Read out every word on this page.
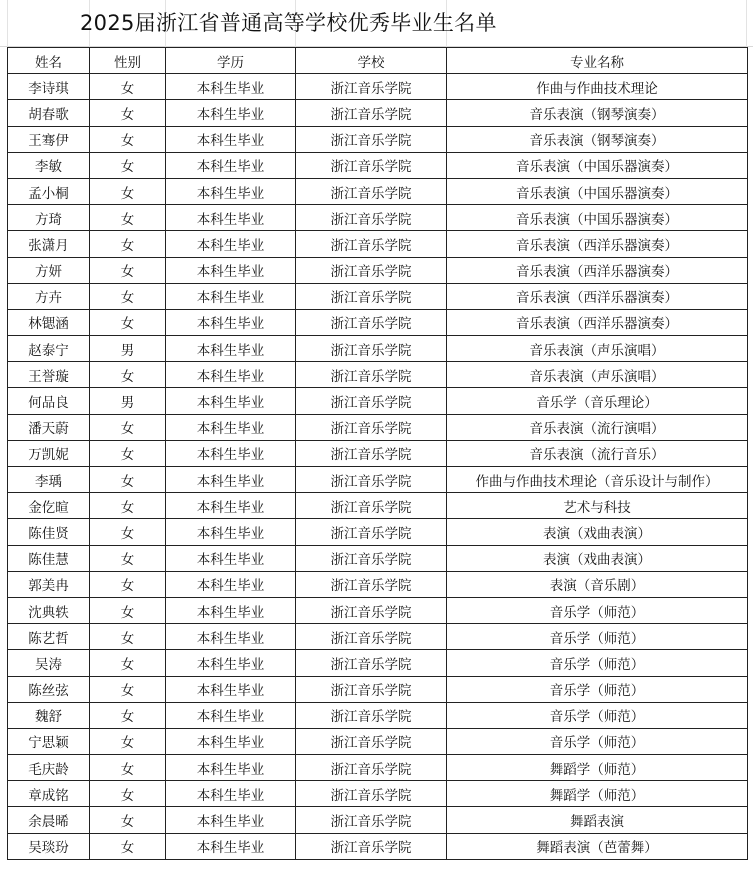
2025届浙江省普通高等学校优秀毕业生名单
姓名	性别	学历	学校	专业名称
李诗琪	女	本科生毕业	浙江音乐学院	作曲与作曲技术理论
胡春歌	女	本科生毕业	浙江音乐学院	音乐表演（钢琴演奏）
王骞伊	女	本科生毕业	浙江音乐学院	音乐表演（钢琴演奏）
李敏	女	本科生毕业	浙江音乐学院	音乐表演（中国乐器演奏）
孟小桐	女	本科生毕业	浙江音乐学院	音乐表演（中国乐器演奏）
方琦	女	本科生毕业	浙江音乐学院	音乐表演（中国乐器演奏）
张潇月	女	本科生毕业	浙江音乐学院	音乐表演（西洋乐器演奏）
方妍	女	本科生毕业	浙江音乐学院	音乐表演（西洋乐器演奏）
方卉	女	本科生毕业	浙江音乐学院	音乐表演（西洋乐器演奏）
林锶涵	女	本科生毕业	浙江音乐学院	音乐表演（西洋乐器演奏）
赵泰宁	男	本科生毕业	浙江音乐学院	音乐表演（声乐演唱）
王誉璇	女	本科生毕业	浙江音乐学院	音乐表演（声乐演唱）
何品良	男	本科生毕业	浙江音乐学院	音乐学（音乐理论）
潘天蔚	女	本科生毕业	浙江音乐学院	音乐表演（流行演唱）
万凯妮	女	本科生毕业	浙江音乐学院	音乐表演（流行音乐）
李瑀	女	本科生毕业	浙江音乐学院	作曲与作曲技术理论（音乐设计与制作）
金仡暄	女	本科生毕业	浙江音乐学院	艺术与科技
陈佳贤	女	本科生毕业	浙江音乐学院	表演（戏曲表演）
陈佳慧	女	本科生毕业	浙江音乐学院	表演（戏曲表演）
郭美冉	女	本科生毕业	浙江音乐学院	表演（音乐剧）
沈典轶	女	本科生毕业	浙江音乐学院	音乐学（师范）
陈艺哲	女	本科生毕业	浙江音乐学院	音乐学（师范）
吴涛	女	本科生毕业	浙江音乐学院	音乐学（师范）
陈丝弦	女	本科生毕业	浙江音乐学院	音乐学（师范）
魏舒	女	本科生毕业	浙江音乐学院	音乐学（师范）
宁思颖	女	本科生毕业	浙江音乐学院	音乐学（师范）
毛庆龄	女	本科生毕业	浙江音乐学院	舞蹈学（师范）
章成铭	女	本科生毕业	浙江音乐学院	舞蹈学（师范）
余晨晞	女	本科生毕业	浙江音乐学院	舞蹈表演
吴琰玢	女	本科生毕业	浙江音乐学院	舞蹈表演（芭蕾舞）
